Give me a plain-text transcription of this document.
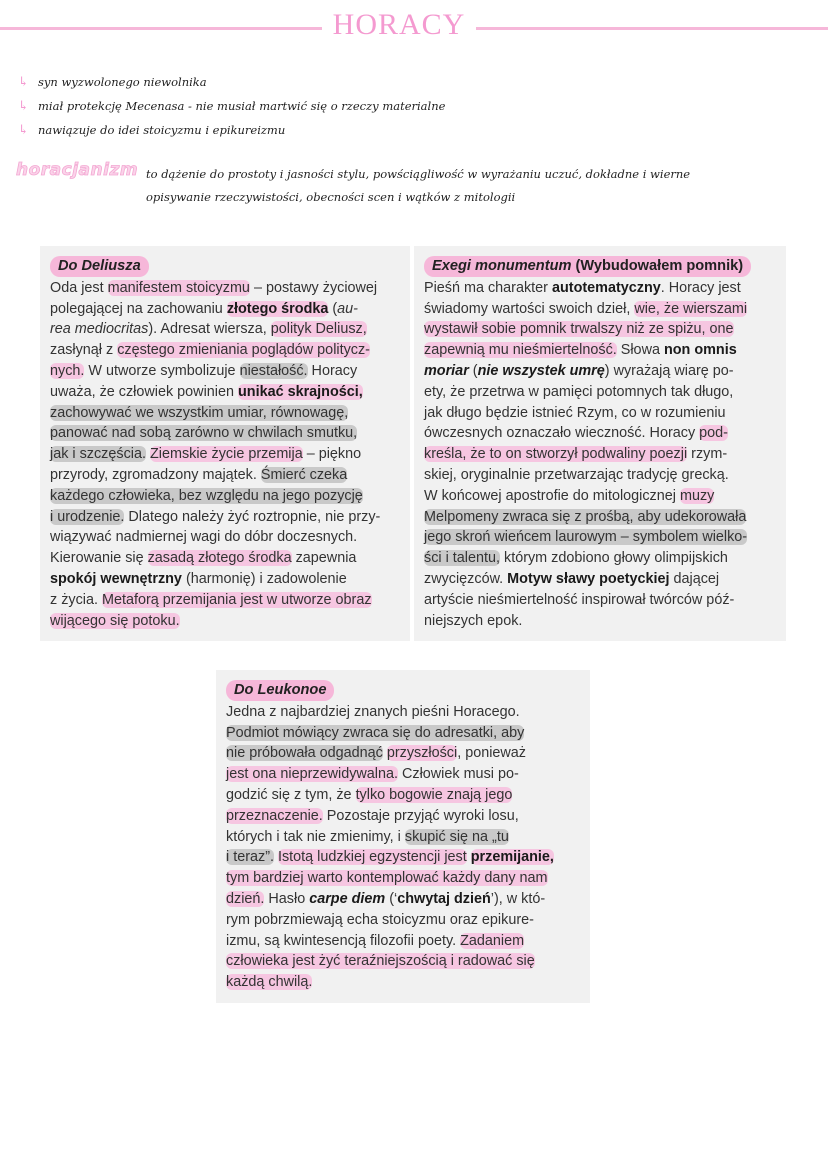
HORACY
↳ syn wyzwolonego niewolnika
↳ miał protekcję Mecenasa - nie musiał martwić się o rzeczy materialne
↳ nawiązuje do idei stoicyzmu i epikureizmu
horacjanizm to dążenie do prostoty i jasności stylu, powściągliwość w wyrażaniu uczuć, dokładne i wierne
opisywanie rzeczywistości, obecności scen i wątków z mitologii
Do Deliusza
Oda jest manifestem stoicyzmu – postawy życiowej
polegającej na zachowaniu złotego środka (au-
rea mediocritas). Adresat wiersza, polityk Deliusz,
zasłynął z częstego zmieniania poglądów politycz-
nych. W utworze symbolizuje niestałość. Horacy
uważa, że człowiek powinien unikać skrajności,
zachowywać we wszystkim umiar, równowagę,
panować nad sobą zarówno w chwilach smutku,
jak i szczęścia. Ziemskie życie przemija – piękno
przyrody, zgromadzony majątek. Śmierć czeka
każdego człowieka, bez względu na jego pozycję
i urodzenie. Dlatego należy żyć roztropnie, nie przy-
wiązywać nadmiernej wagi do dóbr doczesnych.
Kierowanie się zasadą złotego środka zapewnia
spokój wewnętrzny (harmonię) i zadowolenie
z życia. Metaforą przemijania jest w utworze obraz
wijącego się potoku.
Exegi monumentum (Wybudowałem pomnik)
Pieśń ma charakter autotematyczny. Horacy jest
świadomy wartości swoich dzieł, wie, że wierszami
wystawił sobie pomnik trwalszy niż ze spiżu, one
zapewnią mu nieśmiertelność. Słowa non omnis
moriar (nie wszystek umrę) wyrażają wiarę po-
ety, że przetrwa w pamięci potomnych tak długo,
jak długo będzie istnieć Rzym, co w rozumieniu
ówczesnych oznaczało wieczność. Horacy pod-
kreśla, że to on stworzył podwaliny poezji rzym-
skiej, oryginalnie przetwarzając tradycję grecką.
W końcowej apostrofie do mitologicznej muzy
Melpomeny zwraca się z prośbą, aby udekorowała
jego skroń wieńcem laurowym – symbolem wielko-
ści i talentu, którym zdobiono głowy olimpijskich
zwycięzców. Motyw sławy poetyckiej dającej
artyście nieśmiertelność inspirował twórców póź-
niejszych epok.
Do Leukonoe
Jedna z najbardziej znanych pieśni Horacego.
Podmiot mówiący zwraca się do adresatki, aby
nie próbowała odgadnąć przyszłości, ponieważ
jest ona nieprzewidywalna. Człowiek musi po-
godzić się z tym, że tylko bogowie znają jego
przeznaczenie. Pozostaje przyjąć wyroki losu,
których i tak nie zmienimy, i skupić się na „tu
i teraz”. Istotą ludzkiej egzystencji jest przemijanie,
tym bardziej warto kontemplować każdy dany nam
dzień. Hasło carpe diem (‘chwytaj dzień’), w któ-
rym pobrzmiewają echa stoicyzmu oraz epikure-
izmu, są kwintesencją filozofii poety. Zadaniem
człowieka jest żyć teraźniejszością i radować się
każdą chwilą.
